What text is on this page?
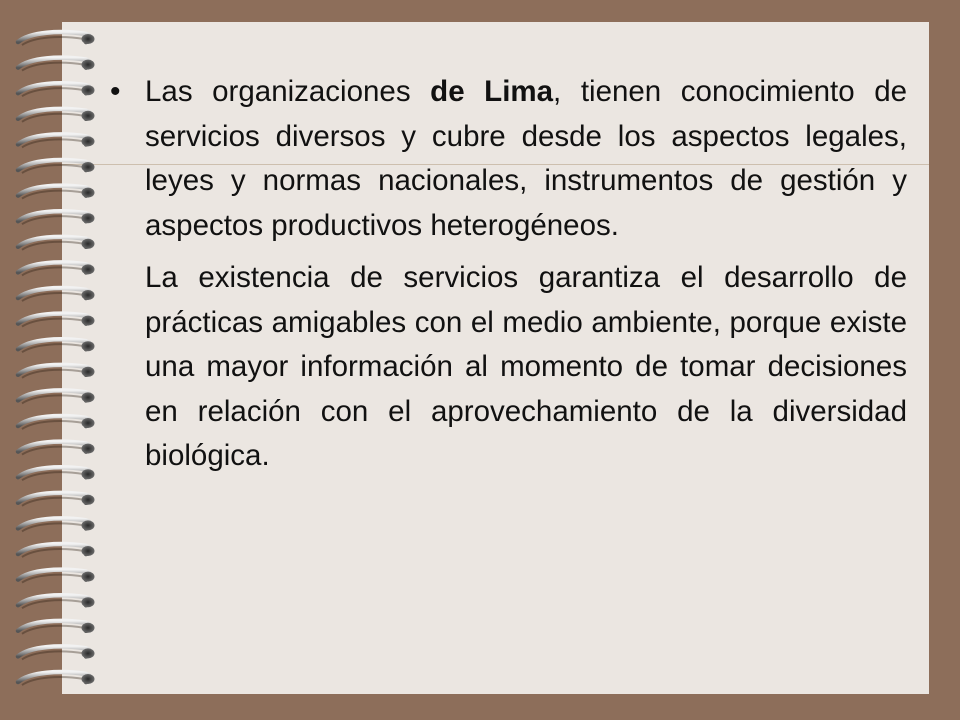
• Las organizaciones de Lima, tienen conocimiento de servicios diversos y cubre desde los aspectos legales, leyes y normas nacionales, instrumentos de gestión y aspectos productivos heterogéneos.

La existencia de servicios garantiza el desarrollo de prácticas amigables con el medio ambiente, porque existe una mayor información al momento de tomar decisiones en relación con el aprovechamiento de la diversidad biológica.
